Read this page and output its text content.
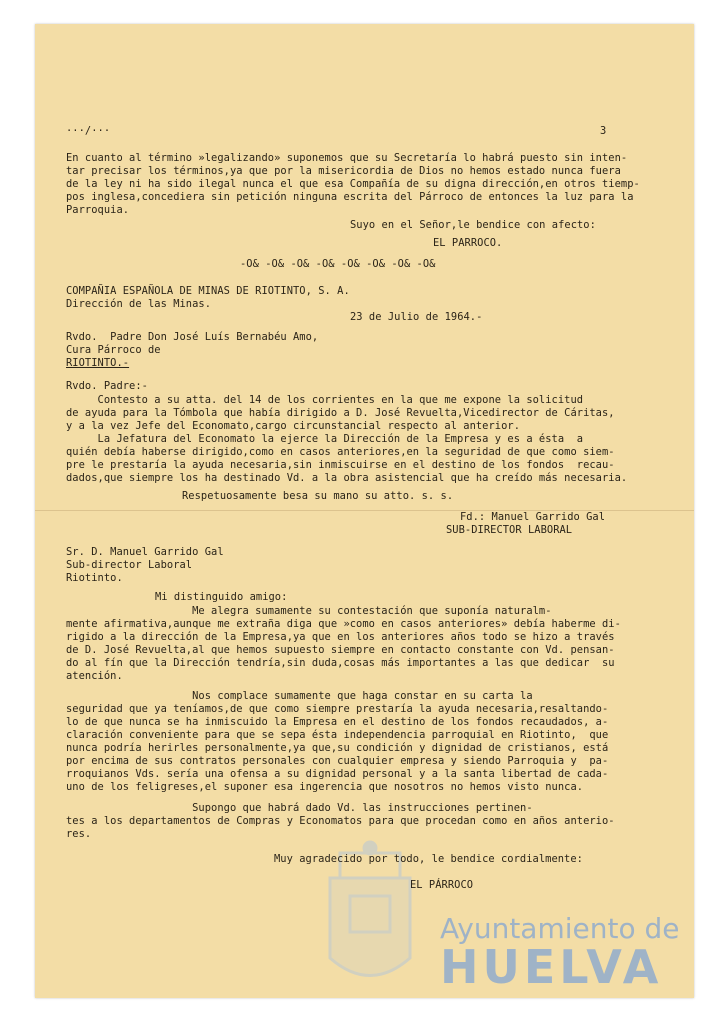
Ayuntamiento de
HUELVA

···/···

	3

En cuanto al término »legalizando» suponemos que su Secretaría lo habrá puesto sin inten-

tar precisar los términos,ya que por la misericordia de Dios no hemos estado nunca fuera

de la ley ni ha sido ilegal nunca el que esa Compañía de su digna dirección,en otros tiemp-

pos inglesa,concediera sin petición ninguna escrita del Párroco de entonces la luz para la

Parroquia.

Suyo en el Señor,le bendice con afecto:

EL PARROCO.

-O& -O& -O& -O& -O& -O& -O& -O&

COMPAÑIA ESPAÑOLA DE MINAS DE RIOTINTO, S. A.

Dirección de las Minas.

23 de Julio de 1964.-

Rvdo.  Padre Don José Luís Bernabéu Amo,

Cura Párroco de

RIOTINTO.-

Rvdo. Padre:-

Contesto a su atta. del 14 de los corrientes en la que me expone la solicitud

de ayuda para la Tómbola que había dirigido a D. José Revuelta,Vicedirector de Cáritas,

y a la vez Jefe del Economato,cargo circunstancial respecto al anterior.

La Jefatura del Economato la ejerce la Dirección de la Empresa y es a ésta  a

quién debía haberse dirigido,como en casos anteriores,en la seguridad de que como siem-

pre le prestaría la ayuda necesaria,sin inmiscuirse en el destino de los fondos  recau-

dados,que siempre los ha destinado Vd. a la obra asistencial que ha creído más necesaria.

Respetuosamente besa su mano su atto. s. s.

Fd.: Manuel Garrido Gal

SUB-DIRECTOR LABORAL

Sr. D. Manuel Garrido Gal

Sub-director Laboral

Riotinto.

Mi distinguido amigo:

Me alegra sumamente su contestación que suponía naturalm-

mente afirmativa,aunque me extraña diga que »como en casos anteriores» debía haberme di-

rigido a la dirección de la Empresa,ya que en los anteriores años todo se hizo a través

de D. José Revuelta,al que hemos supuesto siempre en contacto constante con Vd. pensan-

do al fín que la Dirección tendría,sin duda,cosas más importantes a las que dedicar  su

atención.

Nos complace sumamente que haga constar en su carta la

seguridad que ya teníamos,de que como siempre prestaría la ayuda necesaria,resaltando-

lo de que nunca se ha inmiscuido la Empresa en el destino de los fondos recaudados, a-

claración conveniente para que se sepa ésta independencia parroquial en Riotinto,  que

nunca podría herirles personalmente,ya que,su condición y dignidad de cristianos, está

por encima de sus contratos personales con cualquier empresa y siendo Parroquia y  pa-

rroquianos Vds. sería una ofensa a su dignidad personal y a la santa libertad de cada-

uno de los feligreses,el suponer esa ingerencia que nosotros no hemos visto nunca.

Supongo que habrá dado Vd. las instrucciones pertinen-

tes a los departamentos de Compras y Economatos para que procedan como en años anterio-

res.

Muy agradecido por todo, le bendice cordialmente:

EL PÁRROCO
